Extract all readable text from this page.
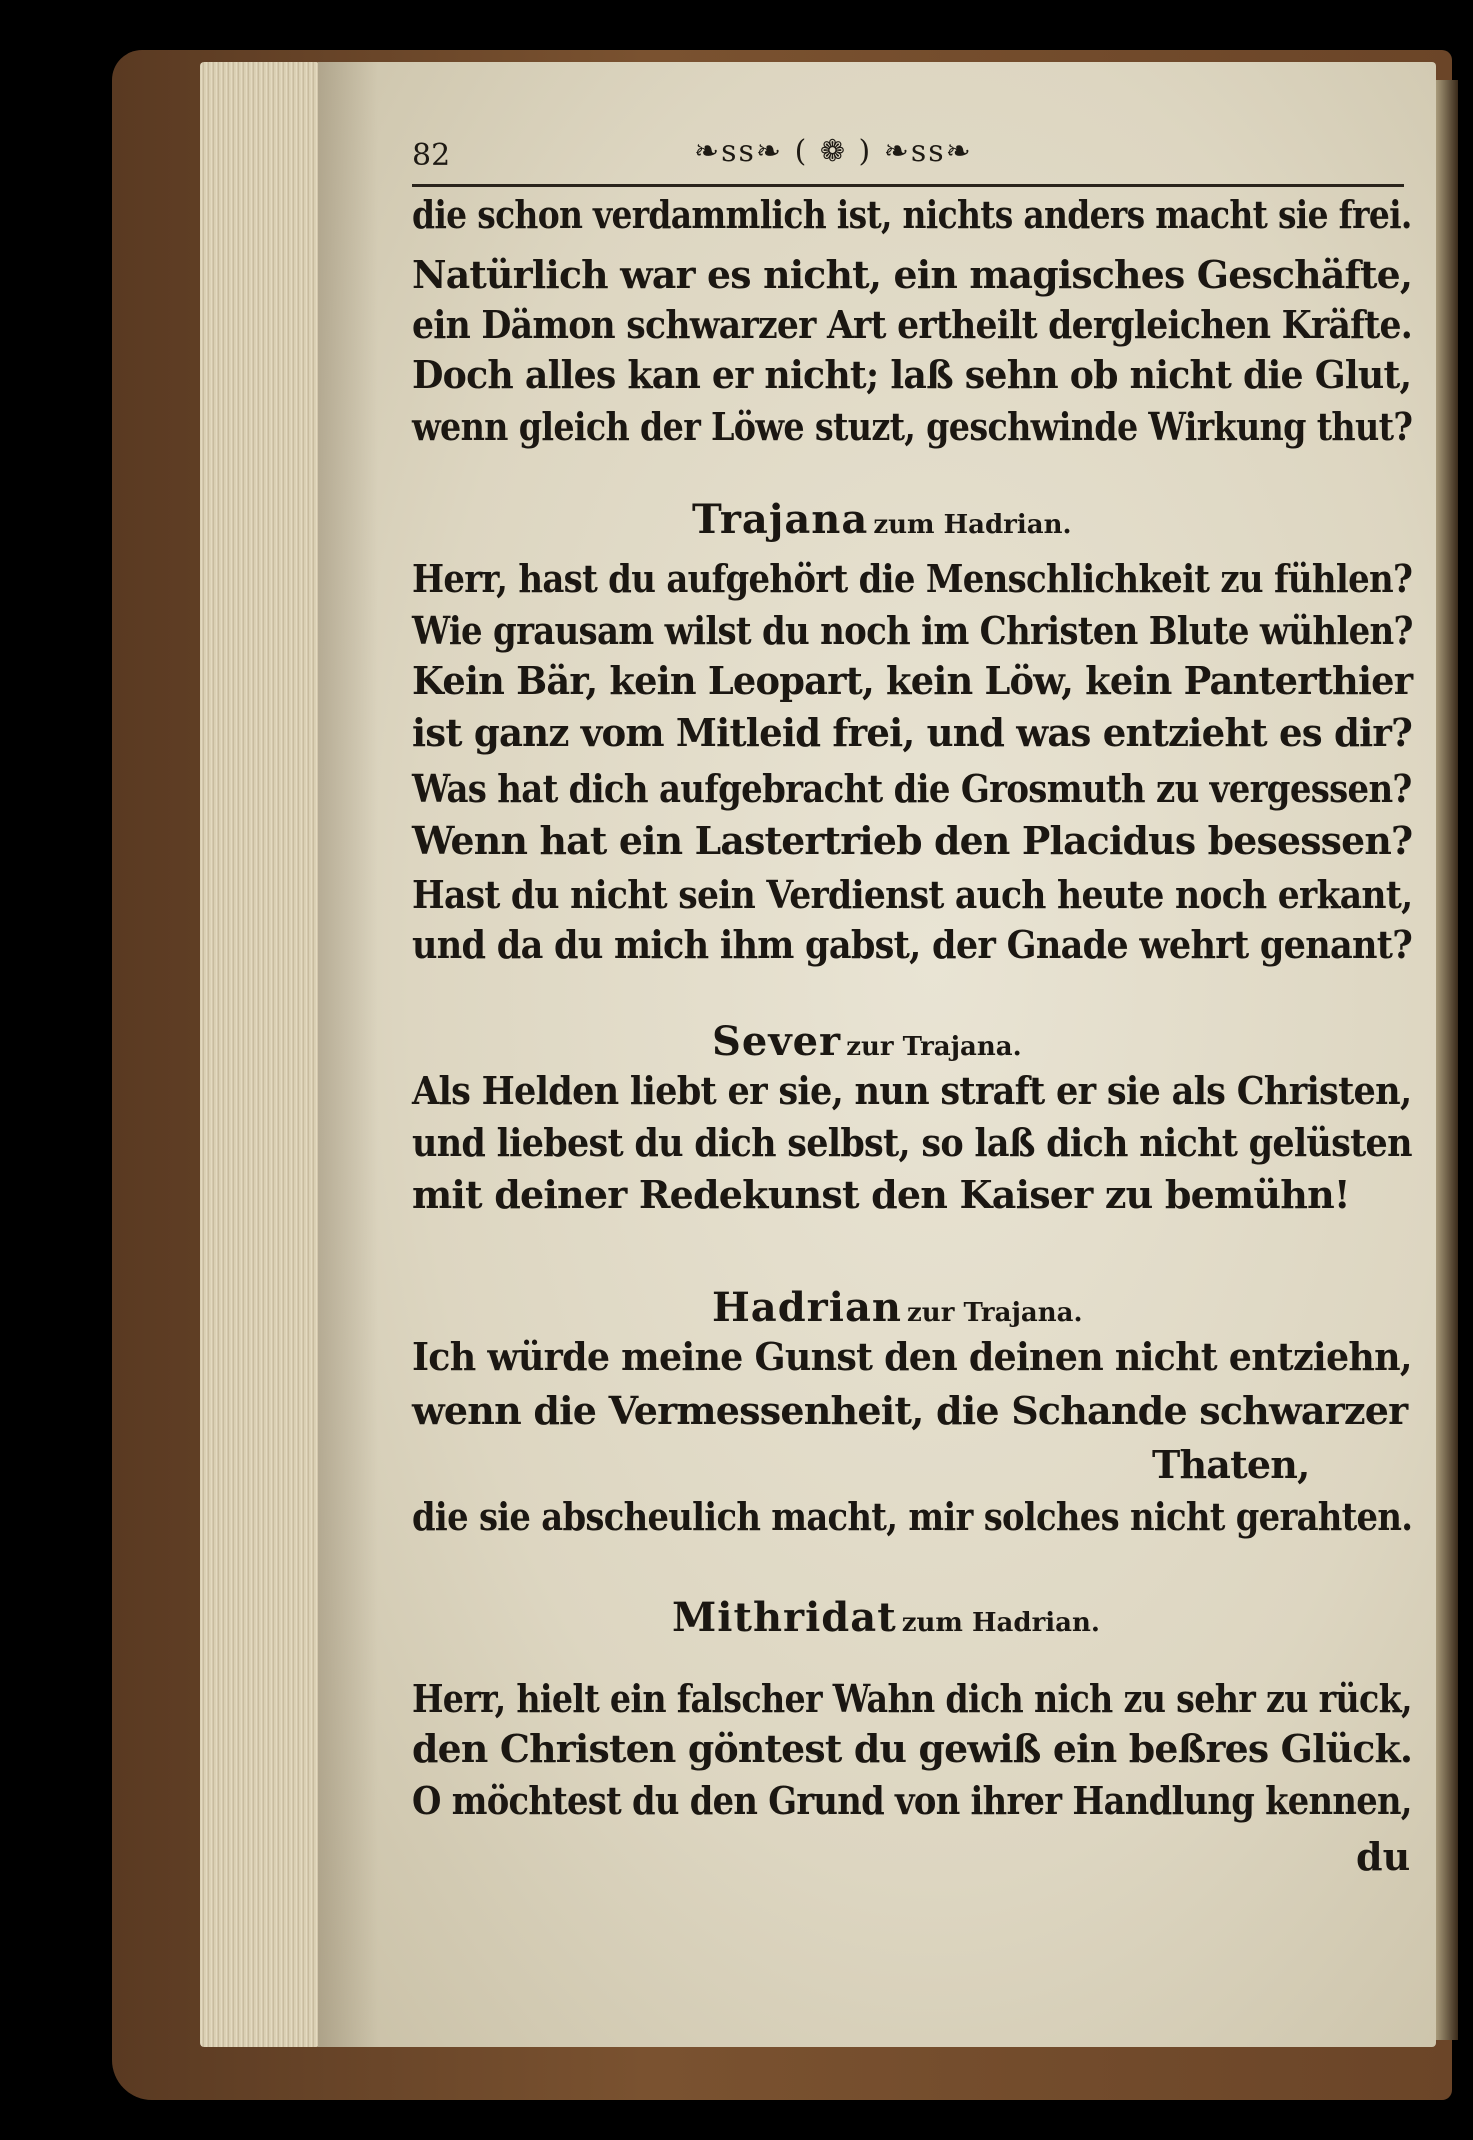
82	❧ss❧ ( ❁ ) ❧ss❧
die schon verdammlich ist, nichts anders macht sie frei.
Natürlich war es nicht, ein magisches Geschäfte,
ein Dämon schwarzer Art ertheilt dergleichen Kräfte.
Doch alles kan er nicht; laß sehn ob nicht die Glut,
wenn gleich der Löwe stuzt, geschwinde Wirkung thut?
Trajana zum Hadrian.
Herr, hast du aufgehört die Menschlichkeit zu fühlen?
Wie grausam wilst du noch im Christen Blute wühlen?
Kein Bär, kein Leopart, kein Löw, kein Panterthier
ist ganz vom Mitleid frei, und was entzieht es dir?
Was hat dich aufgebracht die Grosmuth zu vergessen?
Wenn hat ein Lastertrieb den Placidus besessen?
Hast du nicht sein Verdienst auch heute noch erkant,
und da du mich ihm gabst, der Gnade wehrt genant?
Sever zur Trajana.
Als Helden liebt er sie, nun straft er sie als Christen,
und liebest du dich selbst, so laß dich nicht gelüsten
mit deiner Redekunst den Kaiser zu bemühn!
Hadrian zur Trajana.
Ich würde meine Gunst den deinen nicht entziehn,
wenn die Vermessenheit, die Schande schwarzer
Thaten,
die sie abscheulich macht, mir solches nicht gerahten.
Mithridat zum Hadrian.
Herr, hielt ein falscher Wahn dich nich zu sehr zu rück,
den Christen göntest du gewiß ein beßres Glück.
O möchtest du den Grund von ihrer Handlung kennen,
du
